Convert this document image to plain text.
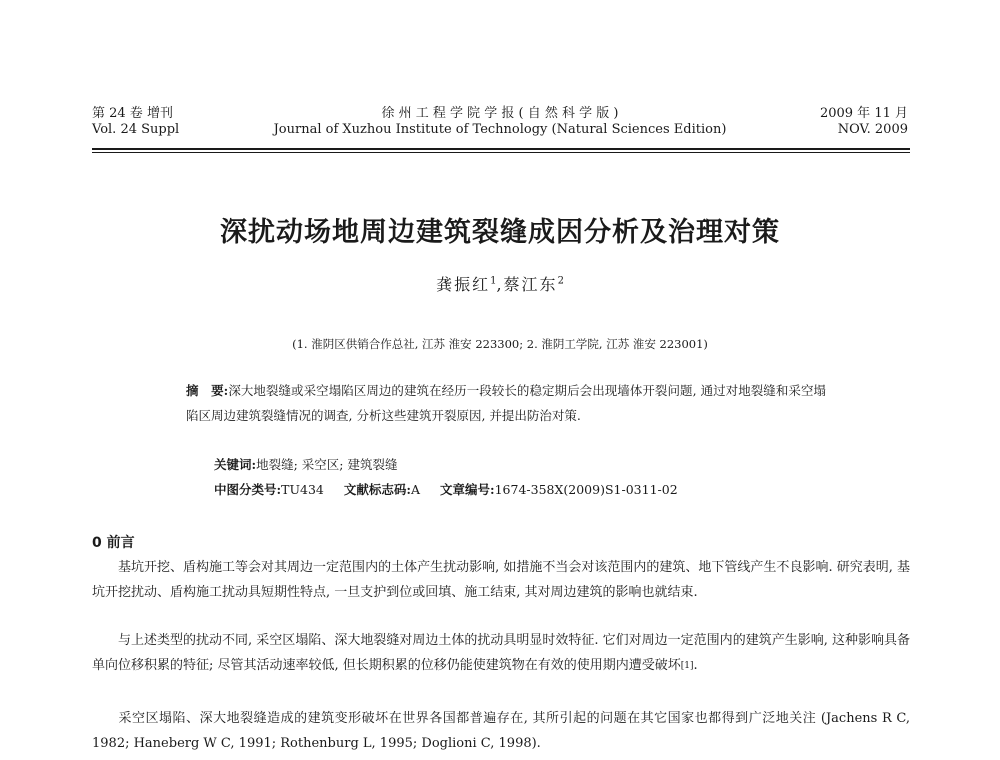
第 24 卷 增刊
Vol. 24 Suppl
徐 州 工 程 学 院 学 报 ( 自 然 科 学 版 )
Journal of Xuzhou Institute of Technology (Natural Sciences Edition)
2009 年 11 月
NOV. 2009
深扰动场地周边建筑裂缝成因分析及治理对策
龚振红$^1$,蔡江东$^2$
(1. 淮阴区供销合作总社, 江苏 淮安 223300; 2. 淮阴工学院, 江苏 淮安 223001)
摘　要:深大地裂缝或采空塌陷区周边的建筑在经历一段较长的稳定期后会出现墙体开裂问题, 通过对地裂缝和采空塌陷区周边建筑裂缝情况的调查, 分析这些建筑开裂原因, 并提出防治对策.
关键词:地裂缝; 采空区; 建筑裂缝
中图分类号:TU434 文献标志码:A 文章编号:1674-358X(2009)S1-0311-02
0 前言
基坑开挖、盾构施工等会对其周边一定范围内的土体产生扰动影响, 如措施不当会对该范围内的建筑、地下管线产生不良影响. 研究表明, 基坑开挖扰动、盾构施工扰动具短期性特点, 一旦支护到位或回填、施工结束, 其对周边建筑的影响也就结束.
与上述类型的扰动不同, 采空区塌陷、深大地裂缝对周边土体的扰动具明显时效特征. 它们对周边一定范围内的建筑产生影响, 这种影响具备单向位移积累的特征; 尽管其活动速率较低, 但长期积累的位移仍能使建筑物在有效的使用期内遭受破坏[1].
采空区塌陷、深大地裂缝造成的建筑变形破坏在世界各国都普遍存在, 其所引起的问题在其它国家也都得到广泛地关注 (Jachens R C, 1982; Haneberg W C, 1991; Rothenburg L, 1995; Doglioni C, 1998).
